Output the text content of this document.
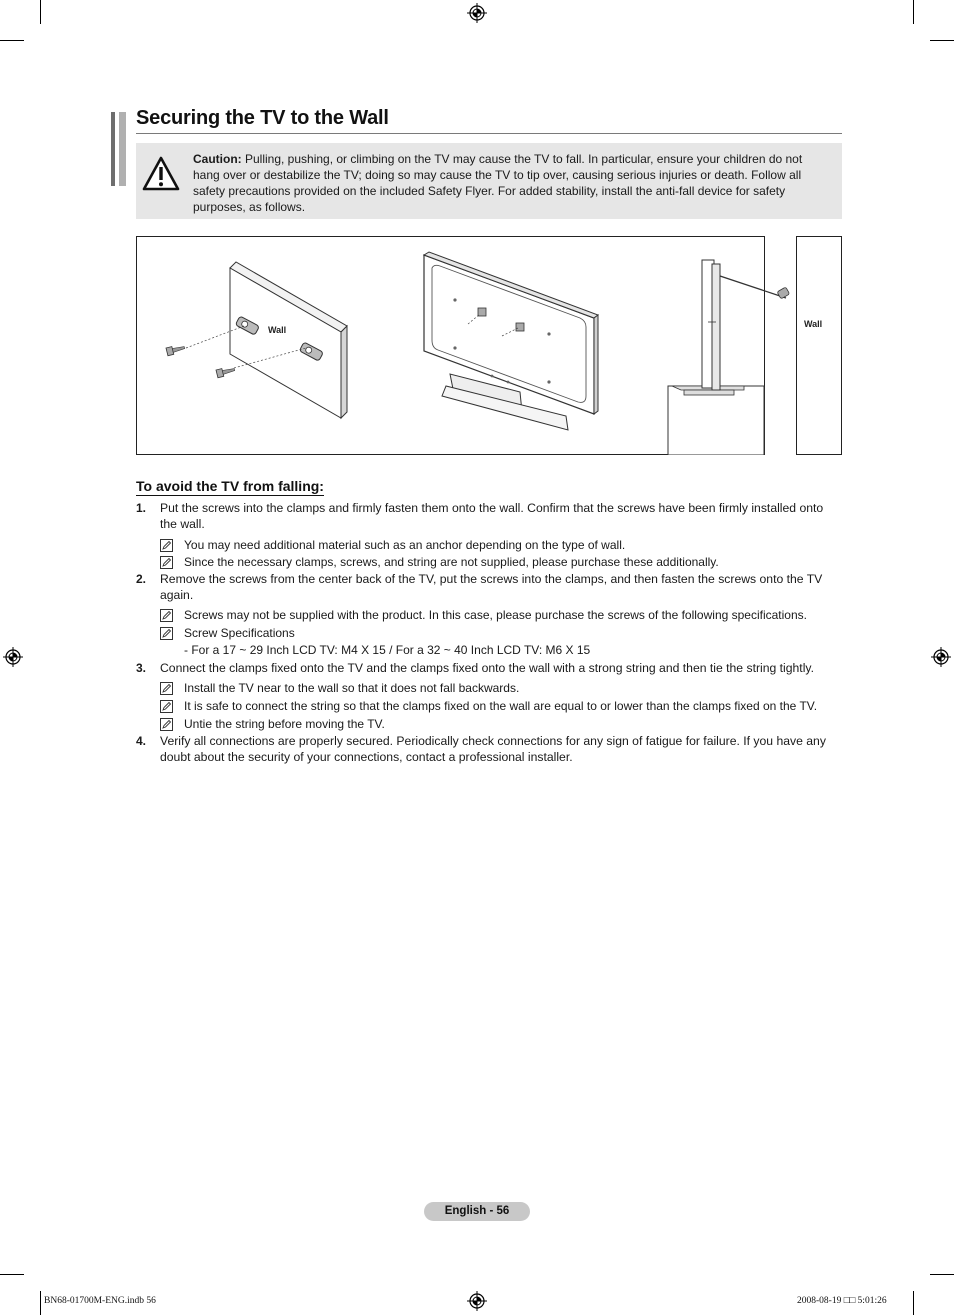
Securing the TV to the Wall
Caution: Pulling, pushing, or climbing on the TV may cause the TV to fall. In particular, ensure your children do not hang over or destabilize the TV; doing so may cause the TV to tip over, causing serious injuries or death. Follow all safety precautions provided on the included Safety Flyer. For added stability, install the anti-fall device for safety purposes, as follows.
Wall
Wall
To avoid the TV from falling:
1. Put the screws into the clamps and firmly fasten them onto the wall. Confirm that the screws have been firmly installed onto the wall.
You may need additional material such as an anchor depending on the type of wall.
Since the necessary clamps, screws, and string are not supplied, please purchase these additionally.
2. Remove the screws from the center back of the TV, put the screws into the clamps, and then fasten the screws onto the TV again.
Screws may not be supplied with the product. In this case, please purchase the screws of the following specifications.
Screw Specifications
- For a 17 ~ 29 Inch LCD TV: M4 X 15 / For a 32 ~ 40 Inch LCD TV: M6 X 15
3. Connect the clamps fixed onto the TV and the clamps fixed onto the wall with a strong string and then tie the string tightly.
Install the TV near to the wall so that it does not fall backwards.
It is safe to connect the string so that the clamps fixed on the wall are equal to or lower than the clamps fixed on the TV.
Untie the string before moving the TV.
4. Verify all connections are properly secured. Periodically check connections for any sign of fatigue for failure. If you have any doubt about the security of your connections, contact a professional installer.
English - 56
BN68-01700M-ENG.indb 56	2008-08-19 □□ 5:01:26
